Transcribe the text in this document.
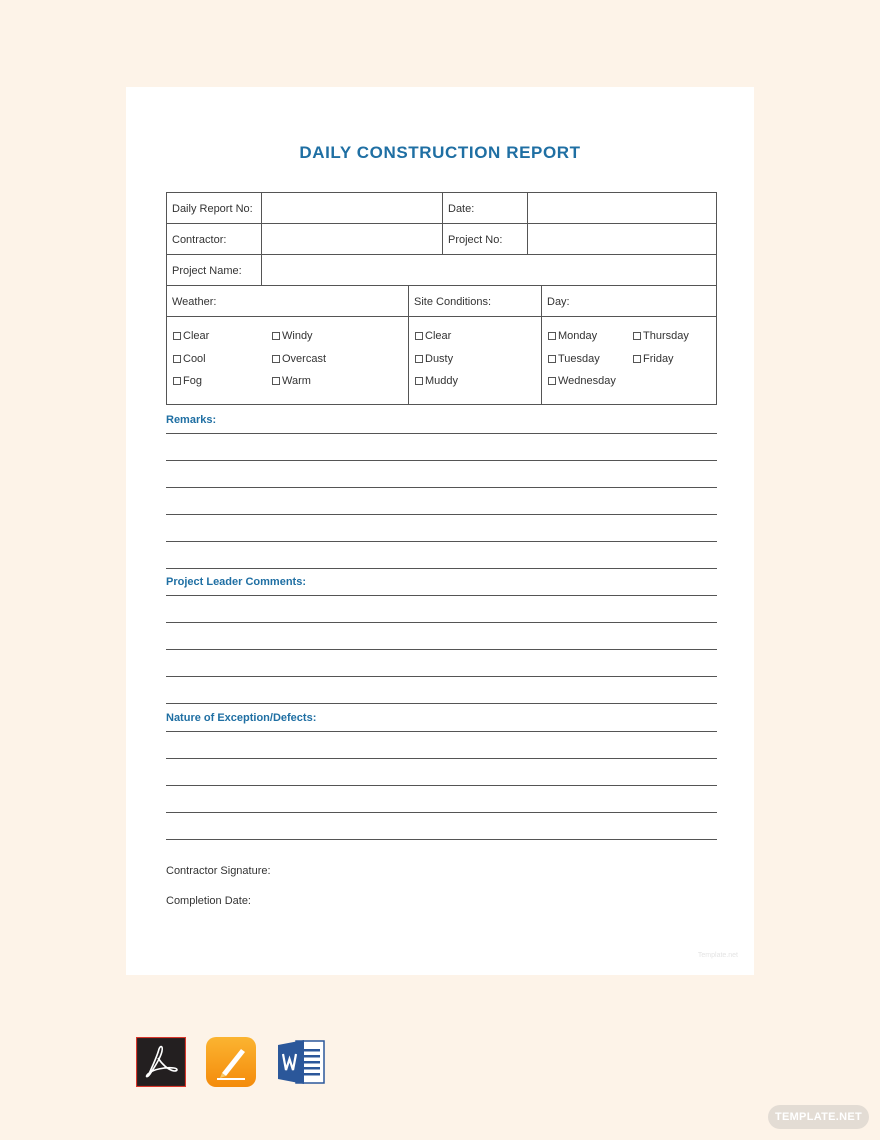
DAILY CONSTRUCTION REPORT
Daily Report No:	Date:
Contractor:	Project No:
Project Name:
Weather:	Site Conditions:	Day:
Clear	Windy
Cool	Overcast
Fog	Warm
Clear
Dusty
Muddy
Monday	Thursday
Tuesday	Friday
Wednesday
Remarks:
Project Leader Comments:
Nature of Exception/Defects:
Contractor Signature:
Completion Date:
Template.net
TEMPLATE.NET
